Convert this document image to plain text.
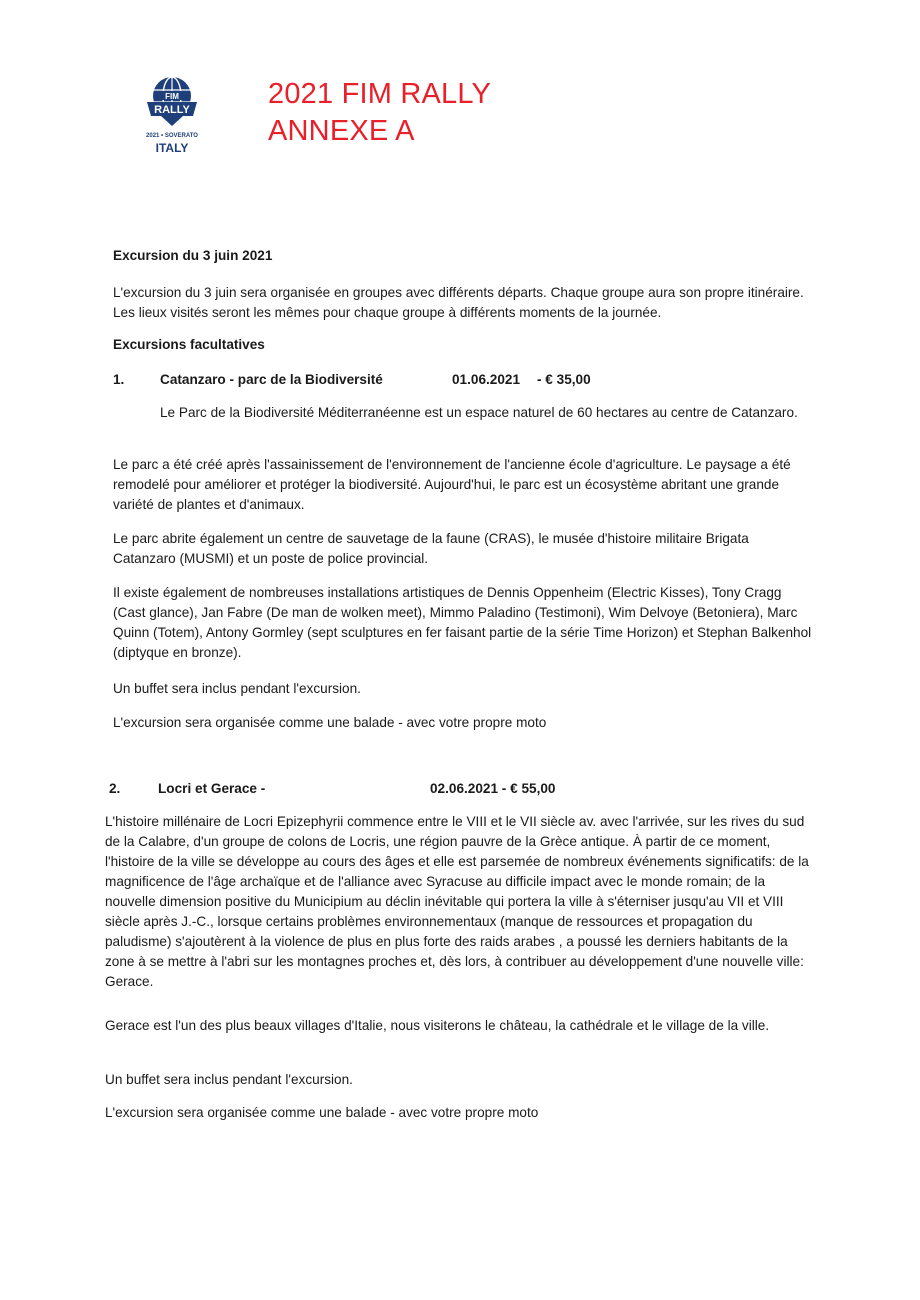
FIM
RALLY
2021 • SOVERATO
ITALY
2021 FIM RALLY
ANNEXE A
Excursion du 3 juin 2021

L'excursion du 3 juin sera organisée en groupes avec différents départs. Chaque groupe aura son propre itinéraire. Les lieux visités seront les mêmes pour chaque groupe à différents moments de la journée.

Excursions facultatives
1.	Catanzaro - parc de la Biodiversité	01.06.2021 - € 35,00

Le Parc de la Biodiversité Méditerranéenne est un espace naturel de 60 hectares au centre de Catanzaro.

Le parc a été créé après l'assainissement de l'environnement de l'ancienne école d'agriculture. Le paysage a été remodelé pour améliorer et protéger la biodiversité. Aujourd'hui, le parc est un écosystème abritant une grande variété de plantes et d'animaux.

Le parc abrite également un centre de sauvetage de la faune (CRAS), le musée d'histoire militaire Brigata Catanzaro (MUSMI) et un poste de police provincial.

Il existe également de nombreuses installations artistiques de Dennis Oppenheim (Electric Kisses), Tony Cragg (Cast glance), Jan Fabre (De man de wolken meet), Mimmo Paladino (Testimoni), Wim Delvoye (Betoniera), Marc Quinn (Totem), Antony Gormley (sept sculptures en fer faisant partie de la série Time Horizon) et Stephan Balkenhol (diptyque en bronze).

Un buffet sera inclus pendant l'excursion.

L'excursion sera organisée comme une balade - avec votre propre moto

2.	Locri et Gerace -	02.06.2021 - € 55,00

L'histoire millénaire de Locri Epizephyrii commence entre le VIII et le VII siècle av. avec l'arrivée, sur les rives du sud de la Calabre, d'un groupe de colons de Locris, une région pauvre de la Grèce antique. À partir de ce moment, l'histoire de la ville se développe au cours des âges et elle est parsemée de nombreux événements significatifs: de la magnificence de l'âge archaïque et de l'alliance avec Syracuse au difficile impact avec le monde romain; de la nouvelle dimension positive du Municipium au déclin inévitable qui portera la ville à s'éterniser jusqu'au VII et VIII siècle après J.-C., lorsque certains problèmes environnementaux (manque de ressources et propagation du paludisme) s'ajoutèrent à la violence de plus en plus forte des raids arabes , a poussé les derniers habitants de la zone à se mettre à l'abri sur les montagnes proches et, dès lors, à contribuer au développement d'une nouvelle ville: Gerace.

Gerace est l'un des plus beaux villages d'Italie, nous visiterons le château, la cathédrale et le village de la ville.

Un buffet sera inclus pendant l'excursion.

L'excursion sera organisée comme une balade - avec votre propre moto
